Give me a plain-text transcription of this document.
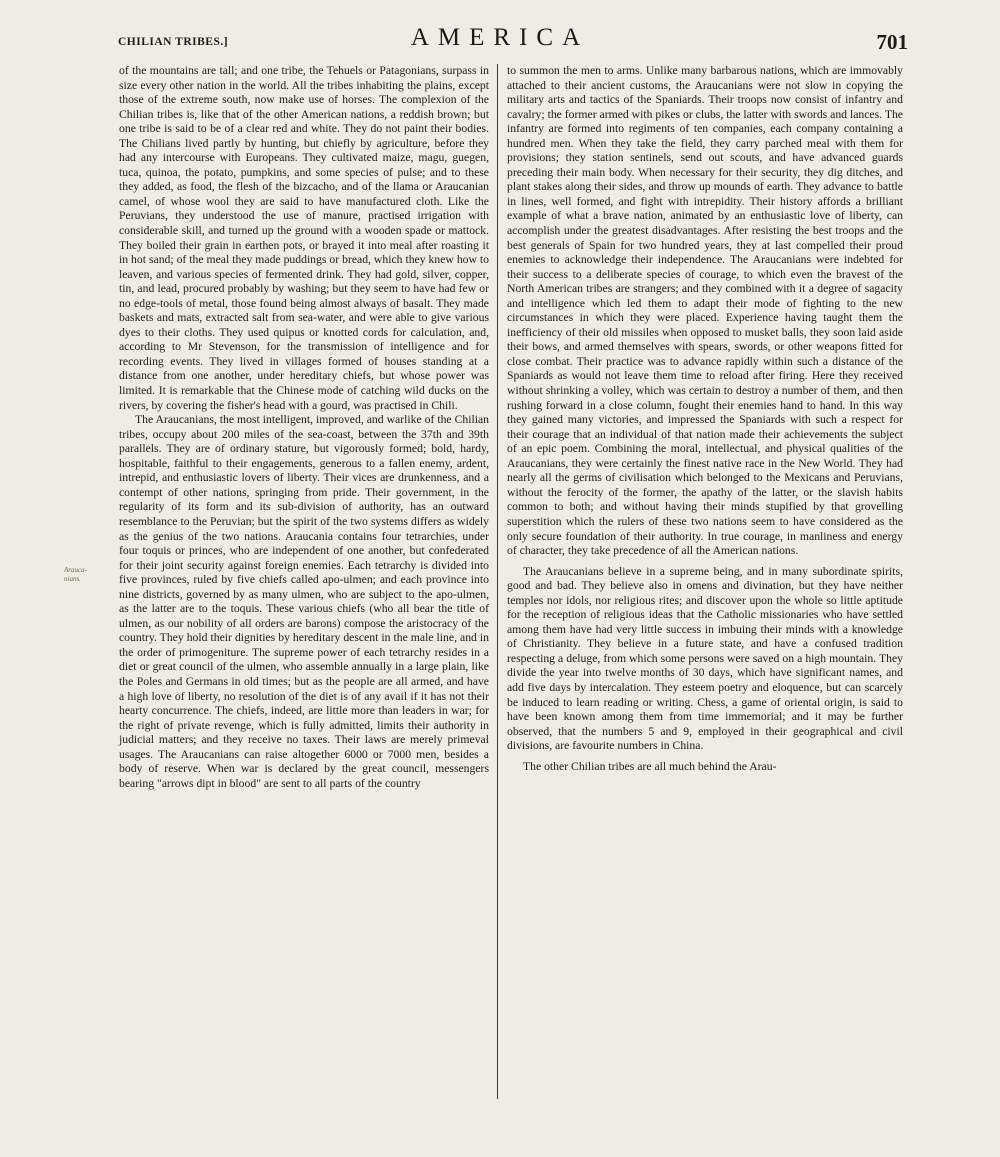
CHILIAN TRIBES.]	AMERICA	701
Arauca-
nians.

of the mountains are tall; and one tribe, the Tehuels or Patagonians, surpass in size every other nation in the world. All the tribes inhabiting the plains, except those of the extreme south, now make use of horses. The complexion of the Chilian tribes is, like that of the other American nations, a reddish brown; but one tribe is said to be of a clear red and white. They do not paint their bodies. The Chilians lived partly by hunting, but chiefly by agriculture, before they had any intercourse with Europeans. They cultivated maize, magu, guegen, tuca, quinoa, the potato, pumpkins, and some species of pulse; and to these they added, as food, the flesh of the bizcacho, and of the llama or Araucanian camel, of whose wool they are said to have manufactured cloth. Like the Peruvians, they understood the use of manure, practised irrigation with considerable skill, and turned up the ground with a wooden spade or mattock. They boiled their grain in earthen pots, or brayed it into meal after roasting it in hot sand; of the meal they made puddings or bread, which they knew how to leaven, and various species of fermented drink. They had gold, silver, copper, tin, and lead, procured probably by washing; but they seem to have had few or no edge-tools of metal, those found being almost always of basalt. They made baskets and mats, extracted salt from sea-water, and were able to give various dyes to their cloths. They used quipus or knotted cords for calculation, and, according to Mr Stevenson, for the transmission of intelligence and for recording events. They lived in villages formed of houses standing at a distance from one another, under hereditary chiefs, but whose power was limited. It is remarkable that the Chinese mode of catching wild ducks on the rivers, by covering the fisher's head with a gourd, was practised in Chili.

The Araucanians, the most intelligent, improved, and warlike of the Chilian tribes, occupy about 200 miles of the sea-coast, between the 37th and 39th parallels. They are of ordinary stature, but vigorously formed; bold, hardy, hospitable, faithful to their engagements, generous to a fallen enemy, ardent, intrepid, and enthusiastic lovers of liberty. Their vices are drunkenness, and a contempt of other nations, springing from pride. Their government, in the regularity of its form and its sub-division of authority, has an outward resemblance to the Peruvian; but the spirit of the two systems differs as widely as the genius of the two nations. Araucania contains four tetrarchies, under four toquis or princes, who are independent of one another, but confederated for their joint security against foreign enemies. Each tetrarchy is divided into five provinces, ruled by five chiefs called apo-ulmen; and each province into nine districts, governed by as many ulmen, who are subject to the apo-ulmen, as the latter are to the toquis. These various chiefs (who all bear the title of ulmen, as our nobility of all orders are barons) compose the aristocracy of the country. They hold their dignities by hereditary descent in the male line, and in the order of primogeniture. The supreme power of each tetrarchy resides in a diet or great council of the ulmen, who assemble annually in a large plain, like the Poles and Germans in old times; but as the people are all armed, and have a high love of liberty, no resolution of the diet is of any avail if it has not their hearty concurrence. The chiefs, indeed, are little more than leaders in war; for the right of private revenge, which is fully admitted, limits their authority in judicial matters; and they receive no taxes. Their laws are merely primeval usages. The Araucanians can raise altogether 6000 or 7000 men, besides a body of reserve. When war is declared by the great council, messengers bearing "arrows dipt in blood" are sent to all parts of the country

to summon the men to arms. Unlike many barbarous nations, which are immovably attached to their ancient customs, the Araucanians were not slow in copying the military arts and tactics of the Spaniards. Their troops now consist of infantry and cavalry; the former armed with pikes or clubs, the latter with swords and lances. The infantry are formed into regiments of ten companies, each company containing a hundred men. When they take the field, they carry parched meal with them for provisions; they station sentinels, send out scouts, and have advanced guards preceding their main body. When necessary for their security, they dig ditches, and plant stakes along their sides, and throw up mounds of earth. They advance to battle in lines, well formed, and fight with intrepidity. Their history affords a brilliant example of what a brave nation, animated by an enthusiastic love of liberty, can accomplish under the greatest disadvantages. After resisting the best troops and the best generals of Spain for two hundred years, they at last compelled their proud enemies to acknowledge their independence. The Araucanians were indebted for their success to a deliberate species of courage, to which even the bravest of the North American tribes are strangers; and they combined with it a degree of sagacity and intelligence which led them to adapt their mode of fighting to the new circumstances in which they were placed. Experience having taught them the inefficiency of their old missiles when opposed to musket balls, they soon laid aside their bows, and armed themselves with spears, swords, or other weapons fitted for close combat. Their practice was to advance rapidly within such a distance of the Spaniards as would not leave them time to reload after firing. Here they received without shrinking a volley, which was certain to destroy a number of them, and then rushing forward in a close column, fought their enemies hand to hand. In this way they gained many victories, and impressed the Spaniards with such a respect for their courage that an individual of that nation made their achievements the subject of an epic poem. Combining the moral, intellectual, and physical qualities of the Araucanians, they were certainly the finest native race in the New World. They had nearly all the germs of civilisation which belonged to the Mexicans and Peruvians, without the ferocity of the former, the apathy of the latter, or the slavish habits common to both; and without having their minds stupified by that grovelling superstition which the rulers of these two nations seem to have considered as the only secure foundation of their authority. In true courage, in manliness and energy of character, they take precedence of all the American nations.

The Araucanians believe in a supreme being, and in many subordinate spirits, good and bad. They believe also in omens and divination, but they have neither temples nor idols, nor religious rites; and discover upon the whole so little aptitude for the reception of religious ideas that the Catholic missionaries who have settled among them have had very little success in imbuing their minds with a knowledge of Christianity. They believe in a future state, and have a confused tradition respecting a deluge, from which some persons were saved on a high mountain. They divide the year into twelve months of 30 days, which have significant names, and add five days by intercalation. They esteem poetry and eloquence, but can scarcely be induced to learn reading or writing. Chess, a game of oriental origin, is said to have been known among them from time immemorial; and it may be further observed, that the numbers 5 and 9, employed in their geographical and civil divisions, are favourite numbers in China.

The other Chilian tribes are all much behind the Arau-
